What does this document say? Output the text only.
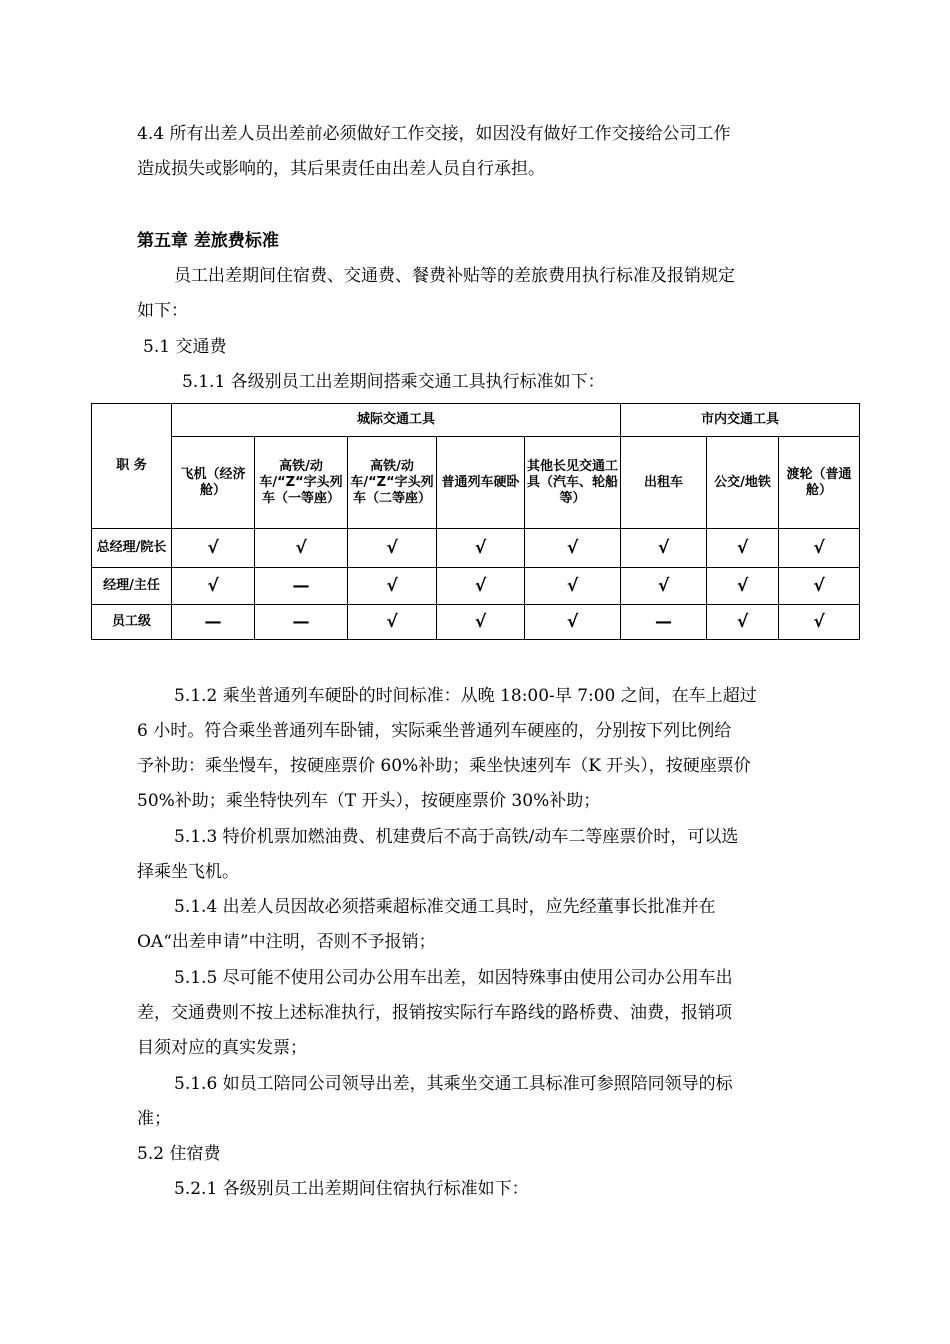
4.4 所有出差人员出差前必须做好工作交接，如因没有做好工作交接给公司工作
造成损失或影响的，其后果责任由出差人员自行承担。
第五章 差旅费标准
员工出差期间住宿费、交通费、餐费补贴等的差旅费用执行标准及报销规定
如下：
5.1 交通费
5.1.1 各级别员工出差期间搭乘交通工具执行标准如下：
职 务	城际交通工具					市内交通工具		
	飞机（经济舱）	高铁/动车/“Z“字头列车（一等座）	高铁/动车/“Z“字头列车（二等座）	普通列车硬卧	其他长见交通工具（汽车、轮船等）	出租车	公交/地铁	渡轮（普通舱）
总经理/院长	√	√	√	√	√	√	√	√
经理/主任	√	—	√	√	√	√	√	√
员工级	—	—	√	√	√	—	√	√
5.1.2 乘坐普通列车硬卧的时间标准：从晚 18:00-早 7:00 之间，在车上超过
6 小时。符合乘坐普通列车卧铺，实际乘坐普通列车硬座的，分别按下列比例给
予补助：乘坐慢车，按硬座票价 60%补助；乘坐快速列车（K 开头），按硬座票价
50%补助；乘坐特快列车（T 开头），按硬座票价 30%补助；
5.1.3 特价机票加燃油费、机建费后不高于高铁/动车二等座票价时，可以选
择乘坐飞机。
5.1.4 出差人员因故必须搭乘超标准交通工具时，应先经董事长批准并在
OA“出差申请”中注明，否则不予报销；
5.1.5 尽可能不使用公司办公用车出差，如因特殊事由使用公司办公用车出
差，交通费则不按上述标准执行，报销按实际行车路线的路桥费、油费，报销项
目须对应的真实发票；
5.1.6 如员工陪同公司领导出差，其乘坐交通工具标准可参照陪同领导的标
准；
5.2 住宿费
5.2.1 各级别员工出差期间住宿执行标准如下：
